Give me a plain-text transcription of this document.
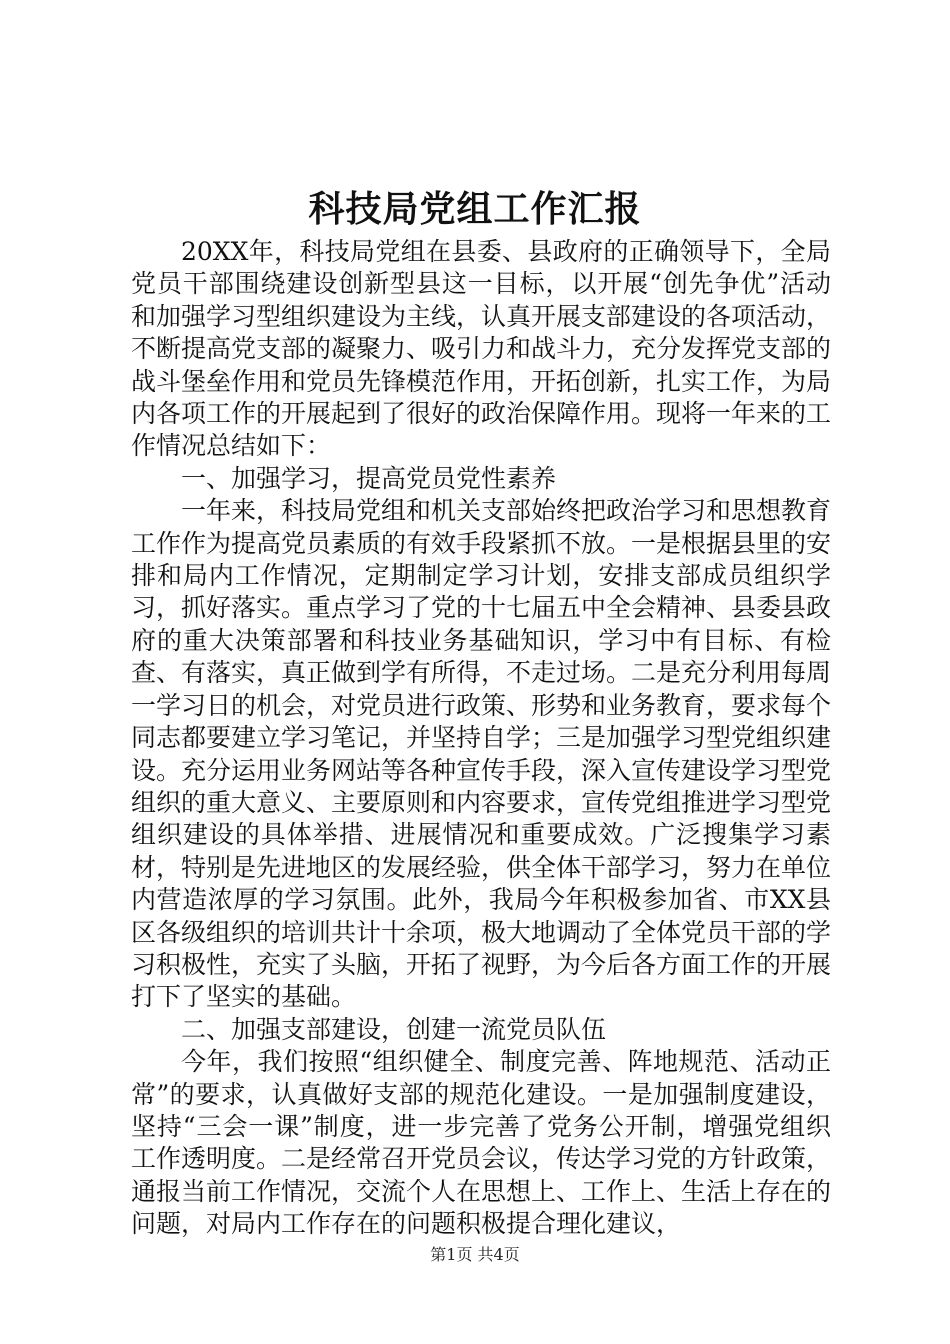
科技局党组工作汇报

20XX年，科技局党组在县委、县政府的正确领导下，全局党员干部围绕建设创新型县这一目标，以开展“创先争优”活动和加强学习型组织建设为主线，认真开展支部建设的各项活动，不断提高党支部的凝聚力、吸引力和战斗力，充分发挥党支部的战斗堡垒作用和党员先锋模范作用，开拓创新，扎实工作，为局内各项工作的开展起到了很好的政治保障作用。现将一年来的工作情况总结如下：

一、加强学习，提高党员党性素养

一年来，科技局党组和机关支部始终把政治学习和思想教育工作作为提高党员素质的有效手段紧抓不放。一是根据县里的安排和局内工作情况，定期制定学习计划，安排支部成员组织学习，抓好落实。重点学习了党的十七届五中全会精神、县委县政府的重大决策部署和科技业务基础知识，学习中有目标、有检查、有落实，真正做到学有所得，不走过场。二是充分利用每周一学习日的机会，对党员进行政策、形势和业务教育，要求每个同志都要建立学习笔记，并坚持自学；三是加强学习型党组织建设。充分运用业务网站等各种宣传手段，深入宣传建设学习型党组织的重大意义、主要原则和内容要求，宣传党组推进学习型党组织建设的具体举措、进展情况和重要成效。广泛搜集学习素材，特别是先进地区的发展经验，供全体干部学习，努力在单位内营造浓厚的学习氛围。此外，我局今年积极参加省、市XX县区各级组织的培训共计十余项，极大地调动了全体党员干部的学习积极性，充实了头脑，开拓了视野，为今后各方面工作的开展打下了坚实的基础。

二、加强支部建设，创建一流党员队伍

今年，我们按照“组织健全、制度完善、阵地规范、活动正常”的要求，认真做好支部的规范化建设。一是加强制度建设，坚持“三会一课”制度，进一步完善了党务公开制，增强党组织工作透明度。二是经常召开党员会议，传达学习党的方针政策，通报当前工作情况，交流个人在思想上、工作上、生活上存在的问题，对局内工作存在的问题积极提合理化建议，

第1页 共4页
